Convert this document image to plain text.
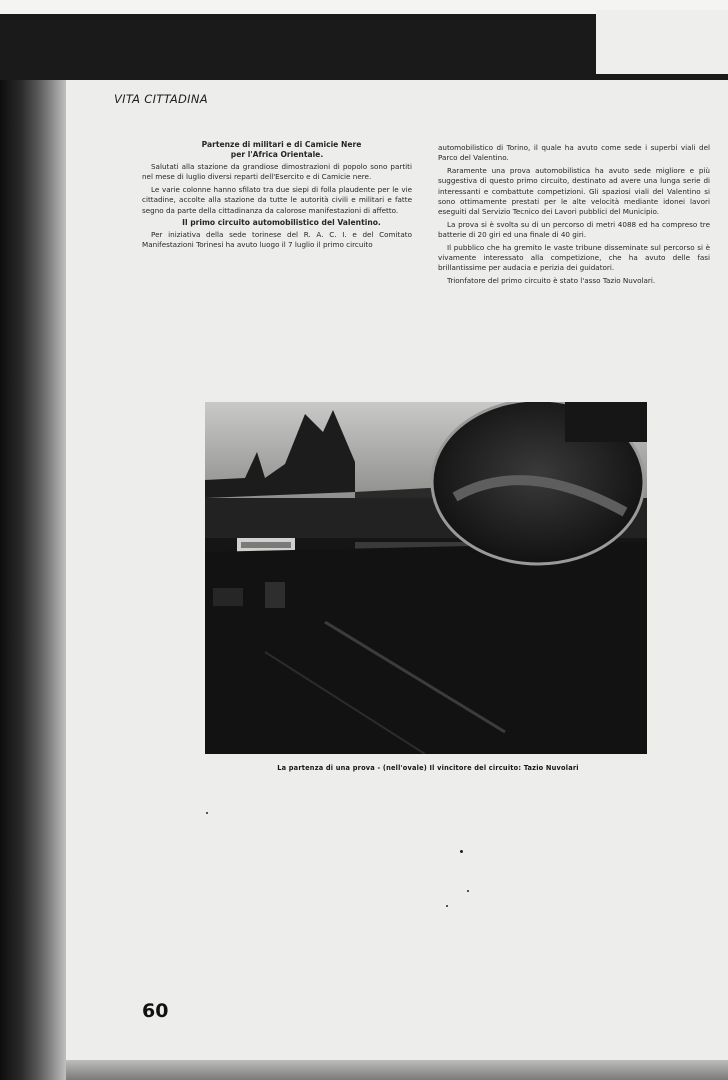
VITA CITTADINA

Partenze di militari e di Camicie Nere
per l'Africa Orientale.

Salutati alla stazione da grandiose dimostrazioni di popolo sono partiti nel mese di luglio diversi reparti dell'Esercito e di Camicie nere.

Le varie colonne hanno sfilato tra due siepi di folla plaudente per le vie cittadine, accolte alla stazione da tutte le autorità civili e militari e fatte segno da parte della cittadinanza da calorose manifestazioni di affetto.

Il primo circuito automobilistico del Valentino.

Per iniziativa della sede torinese del R. A. C. I. e del Comitato Manifestazioni Torinesi ha avuto luogo il 7 luglio il primo circuito

automobilistico di Torino, il quale ha avuto come sede i superbi viali del Parco del Valentino.

Raramente una prova automobilistica ha avuto sede migliore e più suggestiva di questo primo circuito, destinato ad avere una lunga serie di interessanti e combattute competizioni. Gli spaziosi viali del Valentino si sono ottimamente prestati per le alte velocità mediante idonei lavori eseguiti dal Servizio Tecnico dei Lavori pubblici del Municipio.

La prova si è svolta su di un percorso di metri 4088 ed ha compreso tre batterie di 20 giri ed una finale di 40 giri.

Il pubblico che ha gremito le vaste tribune disseminate sul percorso si è vivamente interessato alla competizione, che ha avuto delle fasi brillantissime per audacia e perizia dei guidatori.

Trionfatore del primo circuito è stato l'asso Tazio Nuvolari.

La partenza di una prova - (nell'ovale) Il vincitore del circuito: Tazio Nuvolari
60
